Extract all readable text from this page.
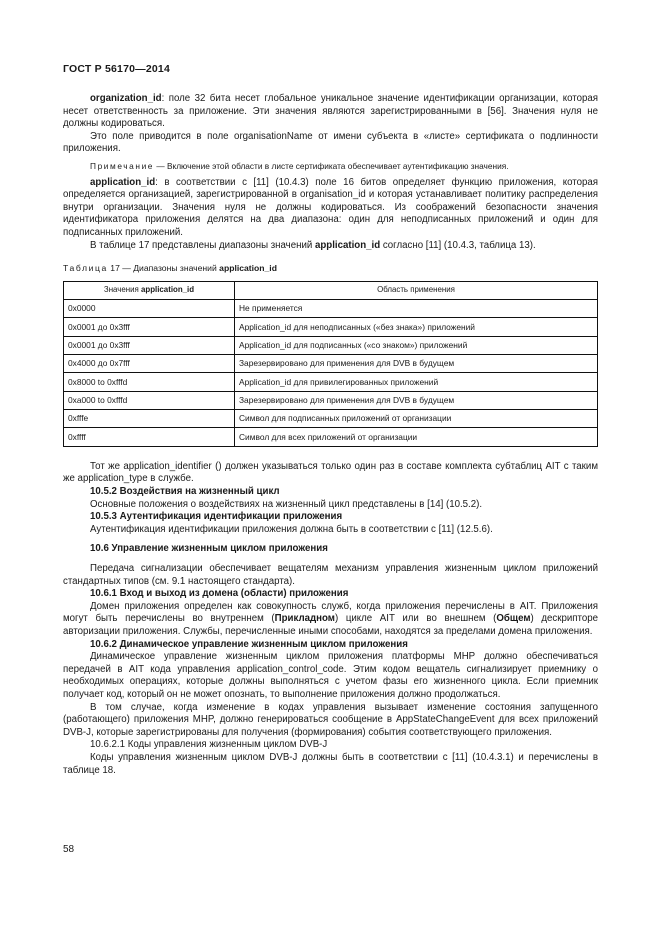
ГОСТ Р 56170—2014

organization_id: поле 32 бита несет глобальное уникальное значение идентификации организации, которая несет ответственность за приложение. Эти значения являются зарегистрированными в [56]. Значения нуля не должны кодироваться.

Это поле приводится в поле organisationName от имени субъекта в «листе» сертификата о подлинности приложения.

Примечание — Включение этой области в листе сертификата обеспечивает аутентификацию значения.

application_id: в соответствии с [11] (10.4.3) поле 16 битов определяет функцию приложения, которая определяется организацией, зарегистрированной в organisation_id и которая устанавливает политику распределения внутри организации. Значения нуля не должны кодироваться. Из соображений безопасности значения идентификатора приложения делятся на два диапазона: один для неподписанных приложений и один для подписанных приложений.

В таблице 17 представлены диапазоны значений application_id согласно [11] (10.4.3, таблица 13).

Таблица 17 — Диапазоны значений application_id

Значения application_id	Область применения
0x0000	Не применяется
0x0001 до 0x3fff	Application_id для неподписанных («без знака») приложений
0x0001 до 0x3fff	Application_id для подписанных («со знаком») приложений
0x4000 до 0x7fff	Зарезервировано для применения для DVB в будущем
0x8000 to 0xfffd	Application_id для привилегированных приложений
0xa000 to 0xfffd	Зарезервировано для применения для DVB в будущем
0xfffe	Символ для подписанных приложений от организации
0xffff	Символ для всех приложений от организации

Тот же application_identifier () должен указываться только один раз в составе комплекта субтаблиц AIT с таким же application_type в службе.

10.5.2 Воздействия на жизненный цикл

Основные положения о воздействиях на жизненный цикл представлены в [14] (10.5.2).

10.5.3 Аутентификация идентификации приложения

Аутентификация идентификации приложения должна быть в соответствии с [11] (12.5.6).

10.6 Управление жизненным циклом приложения

Передача сигнализации обеспечивает вещателям механизм управления жизненным циклом приложений стандартных типов (см. 9.1 настоящего стандарта).

10.6.1 Вход и выход из домена (области) приложения

Домен приложения определен как совокупность служб, когда приложения перечислены в AIT. Приложения могут быть перечислены во внутреннем (Прикладном) цикле AIT или во внешнем (Общем) дескрипторе авторизации приложения. Службы, перечисленные иными способами, находятся за пределами домена приложения.

10.6.2 Динамическое управление жизненным циклом приложения

Динамическое управление жизненным циклом приложения платформы MHP должно обеспечиваться передачей в AIT кода управления application_control_code. Этим кодом вещатель сигнализирует приемнику о необходимых операциях, которые должны выполняться с учетом фазы его жизненного цикла. Если приемник получает код, который он не может опознать, то выполнение приложения должно продолжаться.

В том случае, когда изменение в кодах управления вызывает изменение состояния запущенного (работающего) приложения MHP, должно генерироваться сообщение в AppStateChangeEvent для всех приложений DVB-J, которые зарегистрированы для получения (формирования) события соответствующего приложения.

10.6.2.1 Коды управления жизненным циклом DVB-J

Коды управления жизненным циклом DVB-J должны быть в соответствии с [11] (10.4.3.1) и перечислены в таблице 18.

58
